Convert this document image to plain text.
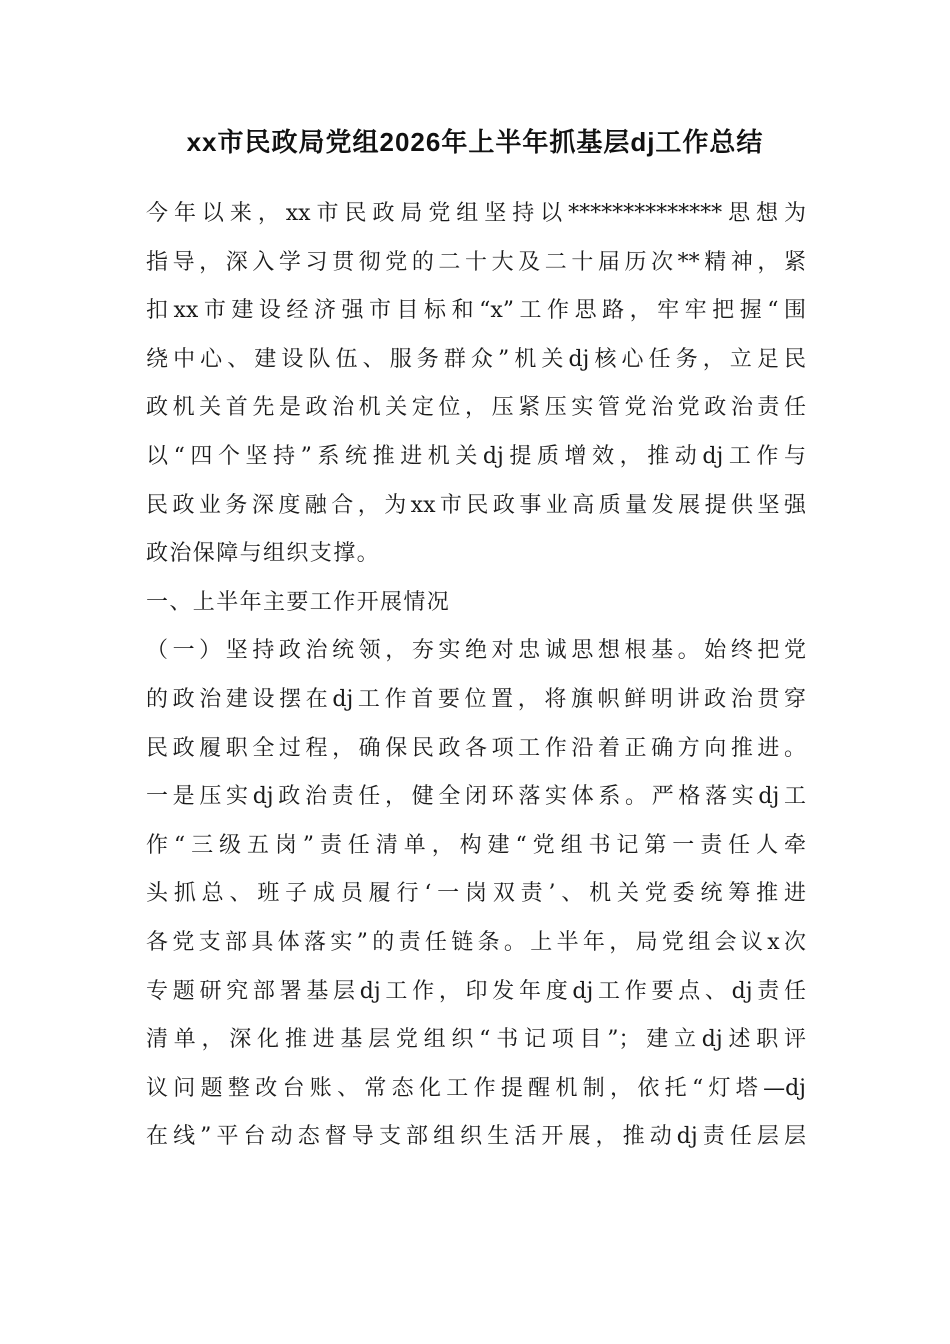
xx市民政局党组2026年上半年抓基层dj工作总结
今年以来，xx市民政局党组坚持以**************思想为
指导，深入学习贯彻党的二十大及二十届历次**精神，紧
扣xx市建设经济强市目标和“x”工作思路，牢牢把握“围
绕中心、建设队伍、服务群众”机关dj核心任务，立足民
政机关首先是政治机关定位，压紧压实管党治党政治责任
以“四个坚持”系统推进机关dj提质增效，推动dj工作与
民政业务深度融合，为xx市民政事业高质量发展提供坚强
政治保障与组织支撑。
一、上半年主要工作开展情况
（一）坚持政治统领，夯实绝对忠诚思想根基。始终把党
的政治建设摆在dj工作首要位置，将旗帜鲜明讲政治贯穿
民政履职全过程，确保民政各项工作沿着正确方向推进。
一是压实dj政治责任，健全闭环落实体系。严格落实dj工
作“三级五岗”责任清单，构建“党组书记第一责任人牵
头抓总、班子成员履行‘一岗双责’、机关党委统筹推进
各党支部具体落实”的责任链条。上半年，局党组会议x次
专题研究部署基层dj工作，印发年度dj工作要点、dj责任
清单，深化推进基层党组织“书记项目”；建立dj述职评
议问题整改台账、常态化工作提醒机制，依托“灯塔—dj
在线”平台动态督导支部组织生活开展，推动dj责任层层
